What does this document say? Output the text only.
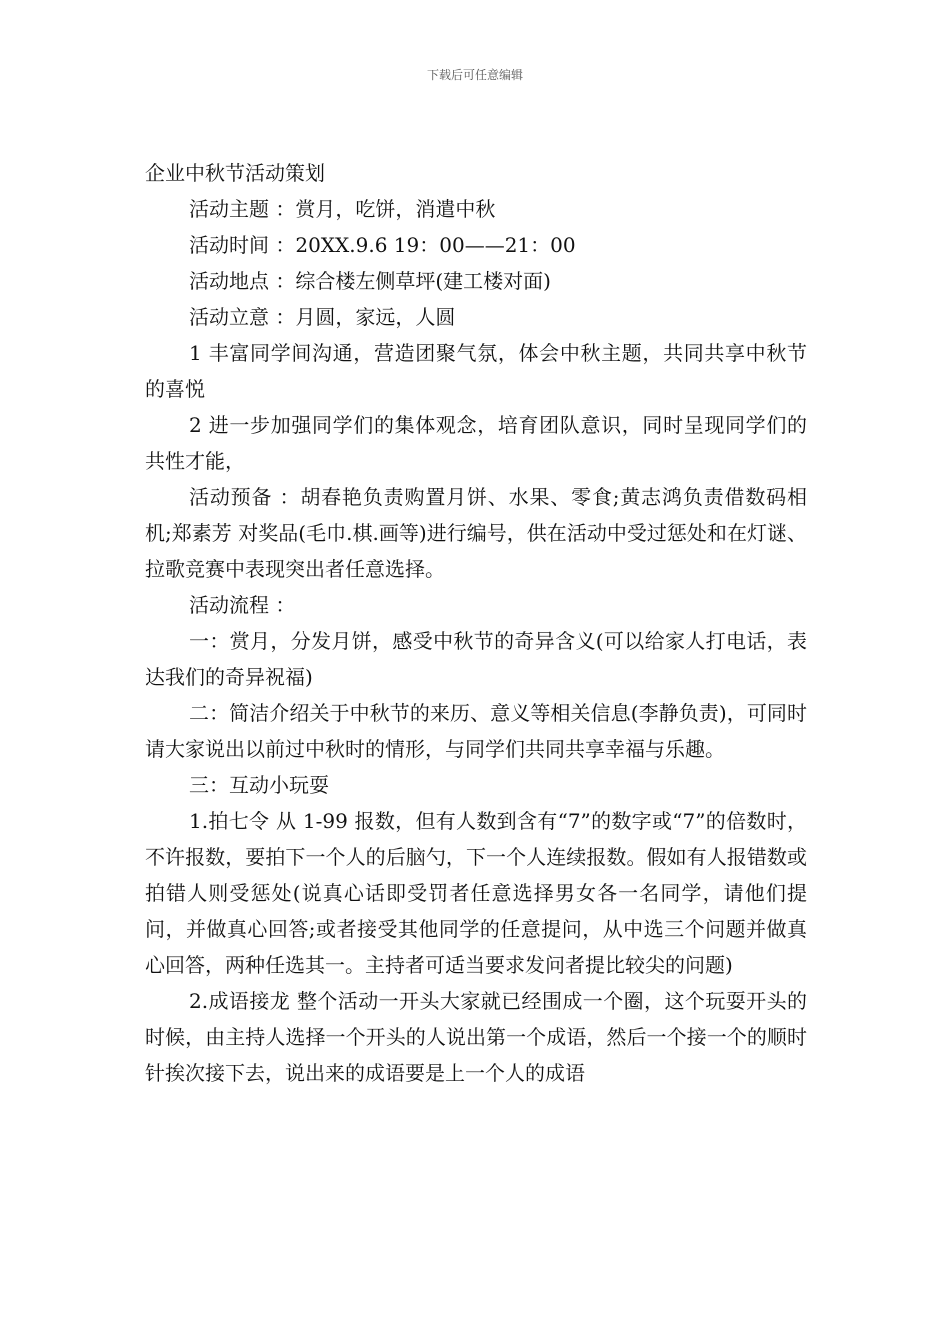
下载后可任意编辑
企业中秋节活动策划

活动主题 ：赏月，吃饼，消遣中秋

活动时间 ：20XX.9.6 19：00——21：00

活动地点 ：综合楼左侧草坪(建工楼对面)

活动立意 ：月圆，家远，人圆

1 丰富同学间沟通，营造团聚气氛，体会中秋主题，共同共享中秋节的喜悦

2 进一步加强同学们的集体观念，培育团队意识，同时呈现同学们的共性才能，

活动预备 ：胡春艳负责购置月饼、水果、零食;黄志鸿负责借数码相机;郑素芳 对奖品(毛巾.棋.画等)进行编号，供在活动中受过惩处和在灯谜、拉歌竞赛中表现突出者任意选择。

活动流程 ：

一：赏月，分发月饼，感受中秋节的奇异含义(可以给家人打电话，表达我们的奇异祝福)

二：简洁介绍关于中秋节的来历、意义等相关信息(李静负责)，可同时请大家说出以前过中秋时的情形，与同学们共同共享幸福与乐趣。

三：互动小玩耍

1.拍七令 从 1-99 报数，但有人数到含有“7”的数字或“7”的倍数时，不许报数，要拍下一个人的后脑勺，下一个人连续报数。假如有人报错数或拍错人则受惩处(说真心话即受罚者任意选择男女各一名同学，请他们提问，并做真心回答;或者接受其他同学的任意提问，从中选三个问题并做真心回答，两种任选其一。主持者可适当要求发问者提比较尖的问题)

2.成语接龙 整个活动一开头大家就已经围成一个圈，这个玩耍开头的时候，由主持人选择一个开头的人说出第一个成语，然后一个接一个的顺时针挨次接下去，说出来的成语要是上一个人的成语
